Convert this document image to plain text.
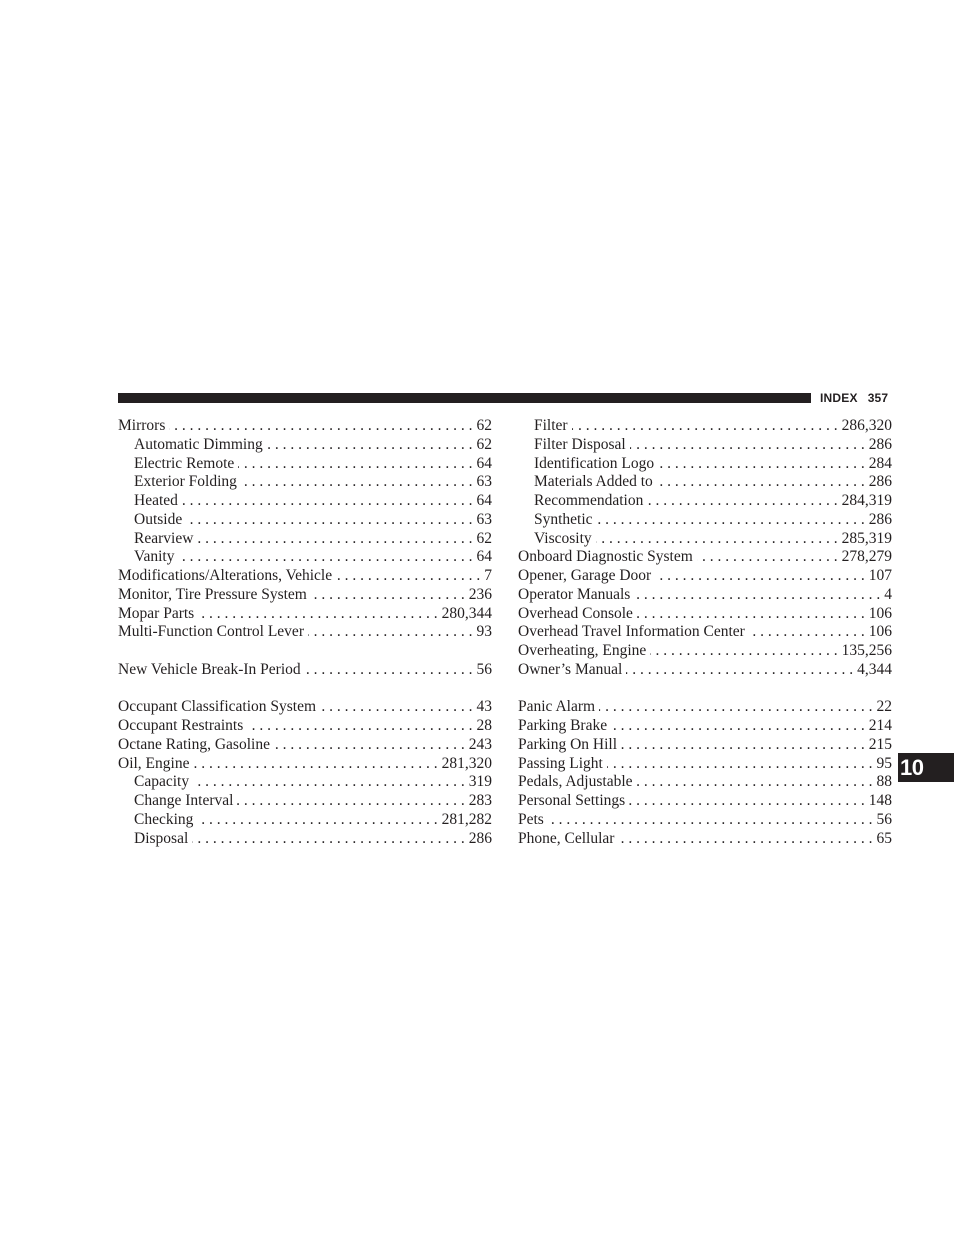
INDEX 357
Mirrors . . .	62
Automatic Dimming . . .	62
Electric Remote . . .	64
Exterior Folding . . .	63
Heated . . .	64
Outside . . .	63
Rearview . . .	62
Vanity . . .	64
Modifications/Alterations, Vehicle . . .	7
Monitor, Tire Pressure System . . .	236
Mopar Parts . . .	280,344
Multi-Function Control Lever . . .	93
New Vehicle Break-In Period . . .	56
Occupant Classification System . . .	43
Occupant Restraints . . .	28
Octane Rating, Gasoline . . .	243
Oil, Engine . . .	281,320
Capacity . . .	319
Change Interval . . .	283
Checking . . .	281,282
Disposal . . .	286
Filter . . .	286,320
Filter Disposal . . .	286
Identification Logo . . .	284
Materials Added to . . .	286
Recommendation . . .	284,319
Synthetic . . .	286
Viscosity . . .	285,319
Onboard Diagnostic System . . .	278,279
Opener, Garage Door . . .	107
Operator Manuals . . .	4
Overhead Console . . .	106
Overhead Travel Information Center . . .	106
Overheating, Engine . . .	135,256
Owner’s Manual . . .	4,344
Panic Alarm . . .	22
Parking Brake . . .	214
Parking On Hill . . .	215
Passing Light . . .	95
Pedals, Adjustable . . .	88
Personal Settings . . .	148
Pets . . .	56
Phone, Cellular . . .	65
10
